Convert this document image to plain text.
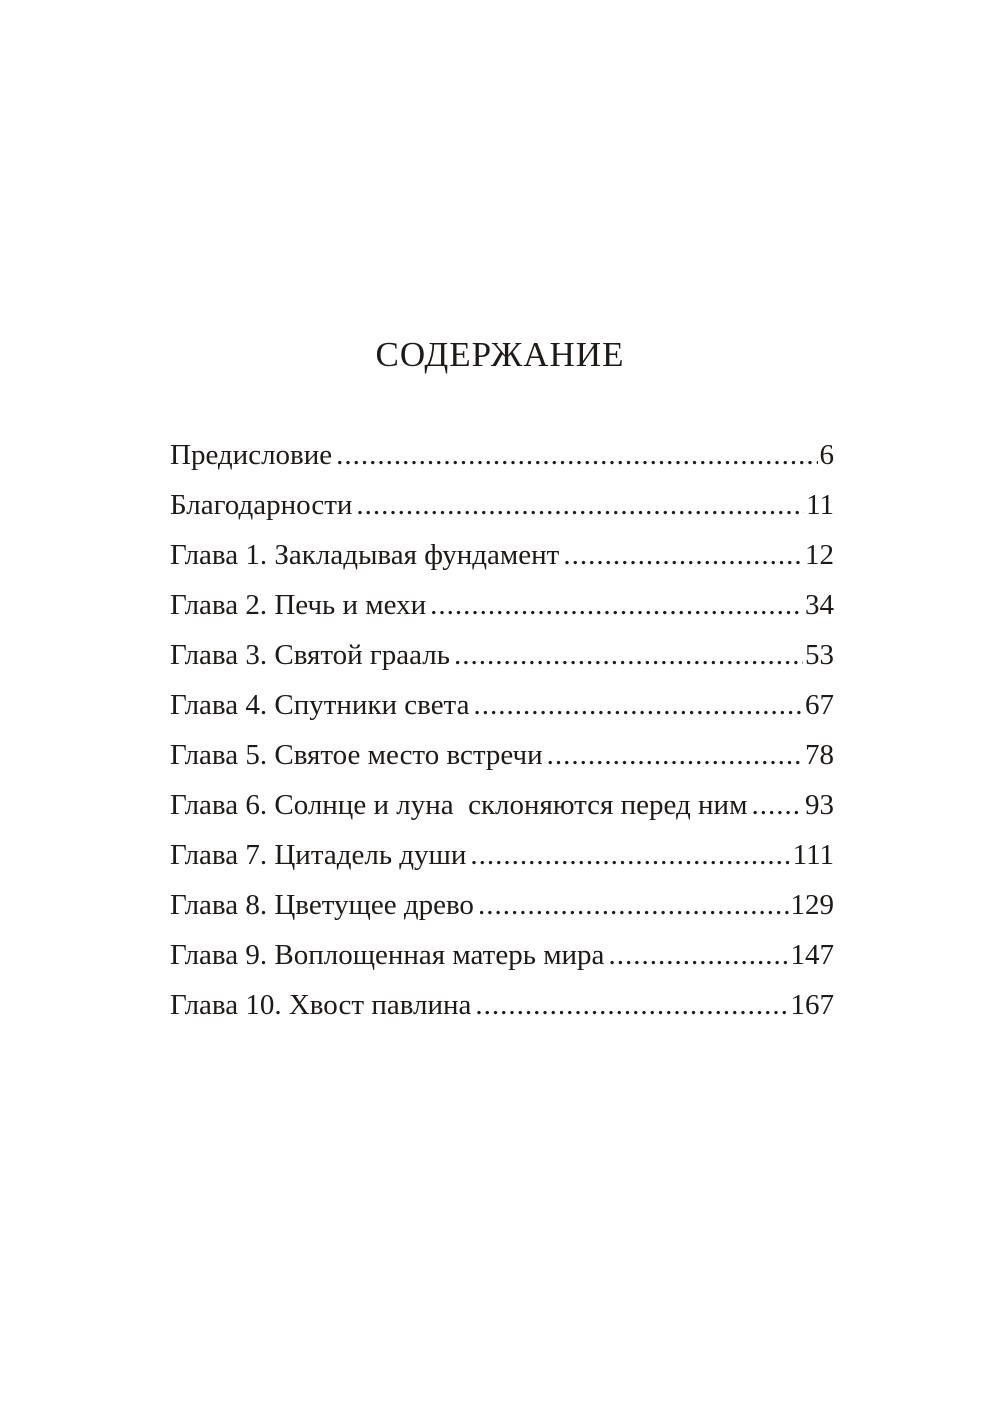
СОДЕРЖАНИЕ
Предисловие .....	6
Благодарности .....	11
Глава 1. Закладывая фундамент .....	12
Глава 2. Печь и мехи .....	34
Глава 3. Святой грааль .....	53
Глава 4. Спутники света .....	67
Глава 5. Святое место встречи .....	78
Глава 6. Солнце и луна  склоняются перед ним ..... 93
Глава 7. Цитадель души .....	111
Глава 8. Цветущее древо .....	129
Глава 9. Воплощенная матерь мира .....	147
Глава 10. Хвост павлина .....	167
